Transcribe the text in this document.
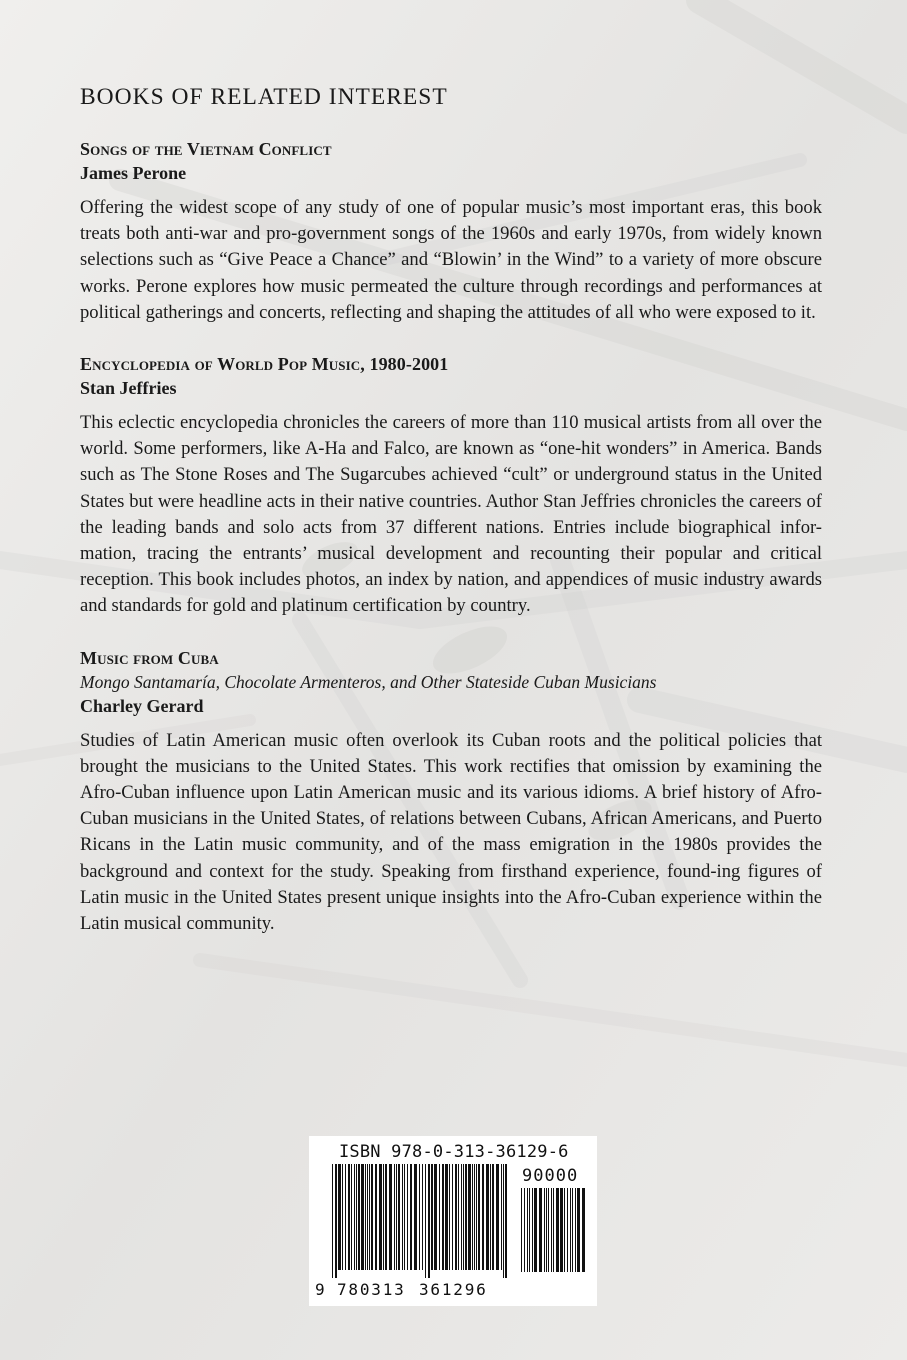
BOOKS OF RELATED INTEREST

Songs of the Vietnam Conflict

James Perone

Offering the widest scope of any study of one of popular music’s most important eras, this book treats both anti-war and pro-government songs of the 1960s and early 1970s, from widely known selections such as “Give Peace a Chance” and “Blowin’ in the Wind” to a variety of more obscure works. Perone explores how music permeated the culture through recordings and performances at political gatherings and concerts, reflecting and shaping the attitudes of all who were exposed to it.

Encyclopedia of World Pop Music, 1980-2001

Stan Jeffries

This eclectic encyclopedia chronicles the careers of more than 110 musical artists from all over the world. Some performers, like A-Ha and Falco, are known as “one-hit wonders” in America. Bands such as The Stone Roses and The Sugarcubes achieved “cult” or underground status in the United States but were headline acts in their native countries. Author Stan Jeffries chronicles the careers of the leading bands and solo acts from 37 different nations. Entries include biographical infor-mation, tracing the entrants’ musical development and recounting their popular and critical reception. This book includes photos, an index by nation, and appendices of music industry awards and standards for gold and platinum certification by country.

Music from Cuba

Mongo Santamaría, Chocolate Armenteros, and Other Stateside Cuban Musicians

Charley Gerard

Studies of Latin American music often overlook its Cuban roots and the political policies that brought the musicians to the United States. This work rectifies that omission by examining the Afro-Cuban influence upon Latin American music and its various idioms. A brief history of Afro-Cuban musicians in the United States, of relations between Cubans, African Americans, and Puerto Ricans in the Latin music community, and of the mass emigration in the 1980s provides the background and context for the study. Speaking from firsthand experience, found-ing figures of Latin music in the United States present unique insights into the Afro-Cuban experience within the Latin musical community.

ISBN 978-0-313-36129-6
90000
9 780313 361296
